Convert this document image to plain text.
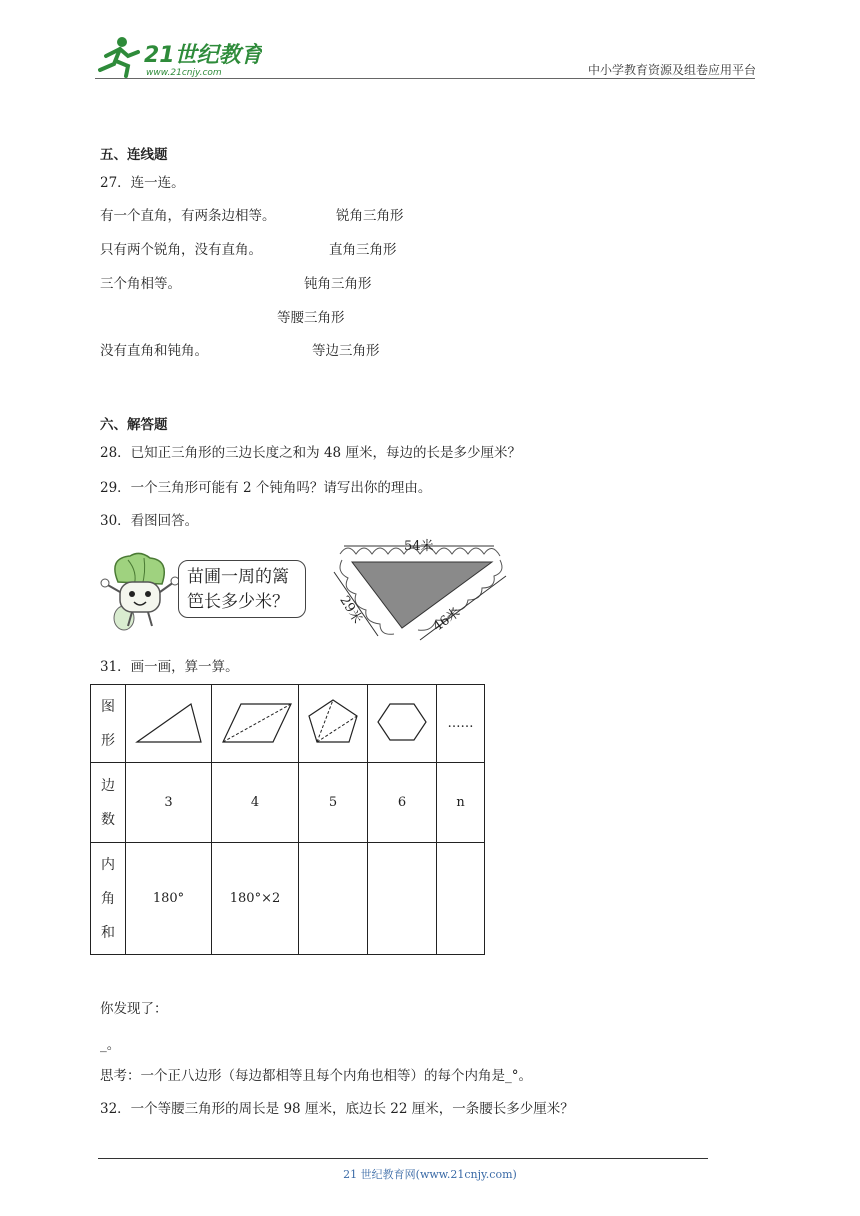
21世纪教育
www.21cnjy.com	中小学教育资源及组卷应用平台
五、连线题
27．连一连。
有一个直角，有两条边相等。	锐角三角形
只有两个锐角，没有直角。	直角三角形
三个角相等。	钝角三角形
等腰三角形
没有直角和钝角。	等边三角形
六、解答题
28．已知正三角形的三边长度之和为 48 厘米，每边的长是多少厘米？
29．一个三角形可能有 2 个钝角吗？请写出你的理由。
30．看图回答。
苗圃一周的篱笆长多少米？
54米
29米	46米
31．画一画，算一算。
图
形					……
边
数	3	4	5	6	n
内
角
和	180°	180°×2			
你发现了：
_。
思考：一个正八边形（每边都相等且每个内角也相等）的每个内角是_°。
32．一个等腰三角形的周长是 98 厘米，底边长 22 厘米，一条腰长多少厘米？
21 世纪教育网(www.21cnjy.com)
